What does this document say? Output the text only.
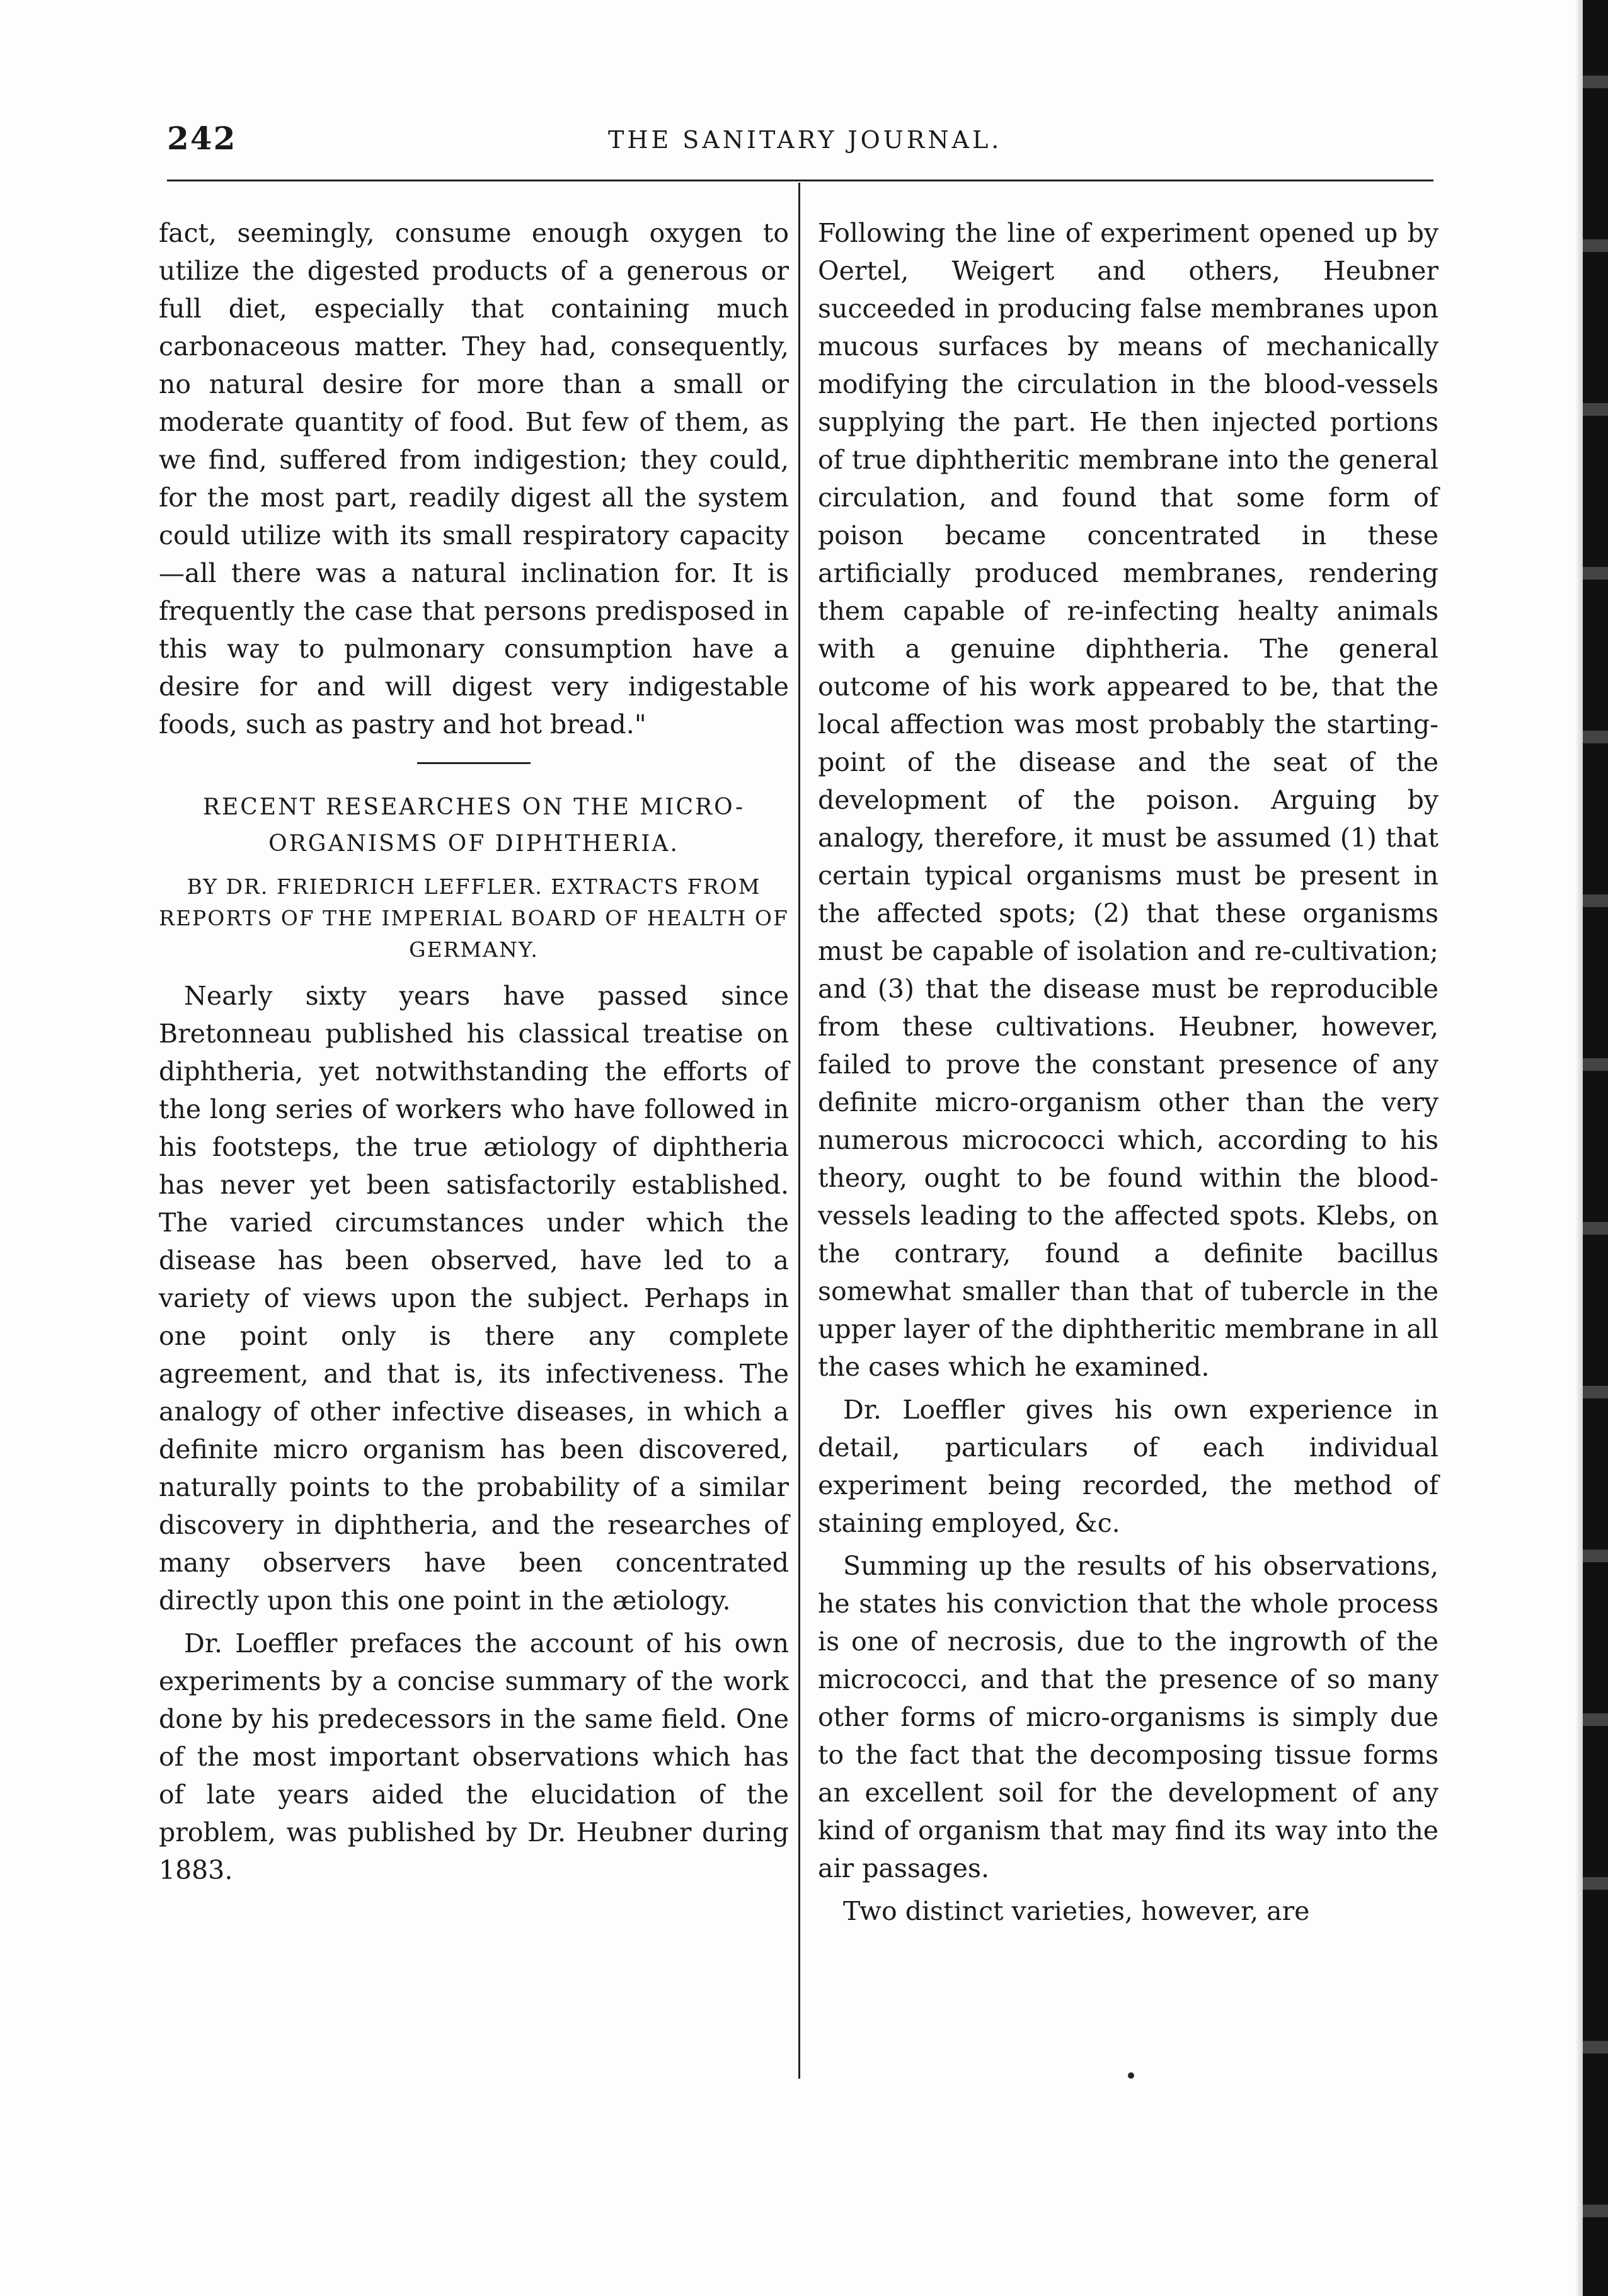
242	THE SANITARY JOURNAL.

fact, seemingly, consume enough oxygen to utilize the digested products of a generous or full diet, especially that containing much carbonaceous matter. They had, consequently, no natural desire for more than a small or moderate quantity of food. But few of them, as we find, suffered from indigestion; they could, for the most part, readily digest all the system could utilize with its small respiratory capacity—all there was a natural inclination for. It is frequently the case that persons predisposed in this way to pulmonary consumption have a desire for and will digest very indigestable foods, such as pastry and hot bread."

RECENT RESEARCHES ON THE MICRO-ORGANISMS OF DIPHTHERIA.

BY DR. FRIEDRICH LEFFLER. EXTRACTS FROM REPORTS OF THE IMPERIAL BOARD OF HEALTH OF GERMANY.

Nearly sixty years have passed since Bretonneau published his classical treatise on diphtheria, yet notwithstanding the efforts of the long series of workers who have followed in his footsteps, the true ætiology of diphtheria has never yet been satisfactorily established. The varied circumstances under which the disease has been observed, have led to a variety of views upon the subject. Perhaps in one point only is there any complete agreement, and that is, its infectiveness. The analogy of other infective diseases, in which a definite micro organism has been discovered, naturally points to the probability of a similar discovery in diphtheria, and the researches of many observers have been concentrated directly upon this one point in the ætiology.

Dr. Loeffler prefaces the account of his own experiments by a concise summary of the work done by his predecessors in the same field. One of the most important observations which has of late years aided the elucidation of the problem, was published by Dr. Heubner during 1883.

Following the line of experiment opened up by Oertel, Weigert and others, Heubner succeeded in producing false membranes upon mucous surfaces by means of mechanically modifying the circulation in the blood-vessels supplying the part. He then injected portions of true diphtheritic membrane into the general circulation, and found that some form of poison became concentrated in these artificially produced membranes, rendering them capable of re-infecting healty animals with a genuine diphtheria. The general outcome of his work appeared to be, that the local affection was most probably the starting-point of the disease and the seat of the development of the poison. Arguing by analogy, therefore, it must be assumed (1) that certain typical organisms must be present in the affected spots; (2) that these organisms must be capable of isolation and re-cultivation; and (3) that the disease must be reproducible from these cultivations. Heubner, however, failed to prove the constant presence of any definite micro-organism other than the very numerous micrococci which, according to his theory, ought to be found within the blood-vessels leading to the affected spots. Klebs, on the contrary, found a definite bacillus somewhat smaller than that of tubercle in the upper layer of the diphtheritic membrane in all the cases which he examined.

Dr. Loeffler gives his own experience in detail, particulars of each individual experiment being recorded, the method of staining employed, &c.

Summing up the results of his observations, he states his conviction that the whole process is one of necrosis, due to the ingrowth of the micrococci, and that the presence of so many other forms of micro-organisms is simply due to the fact that the decomposing tissue forms an excellent soil for the development of any kind of organism that may find its way into the air passages.

Two distinct varieties, however, are
